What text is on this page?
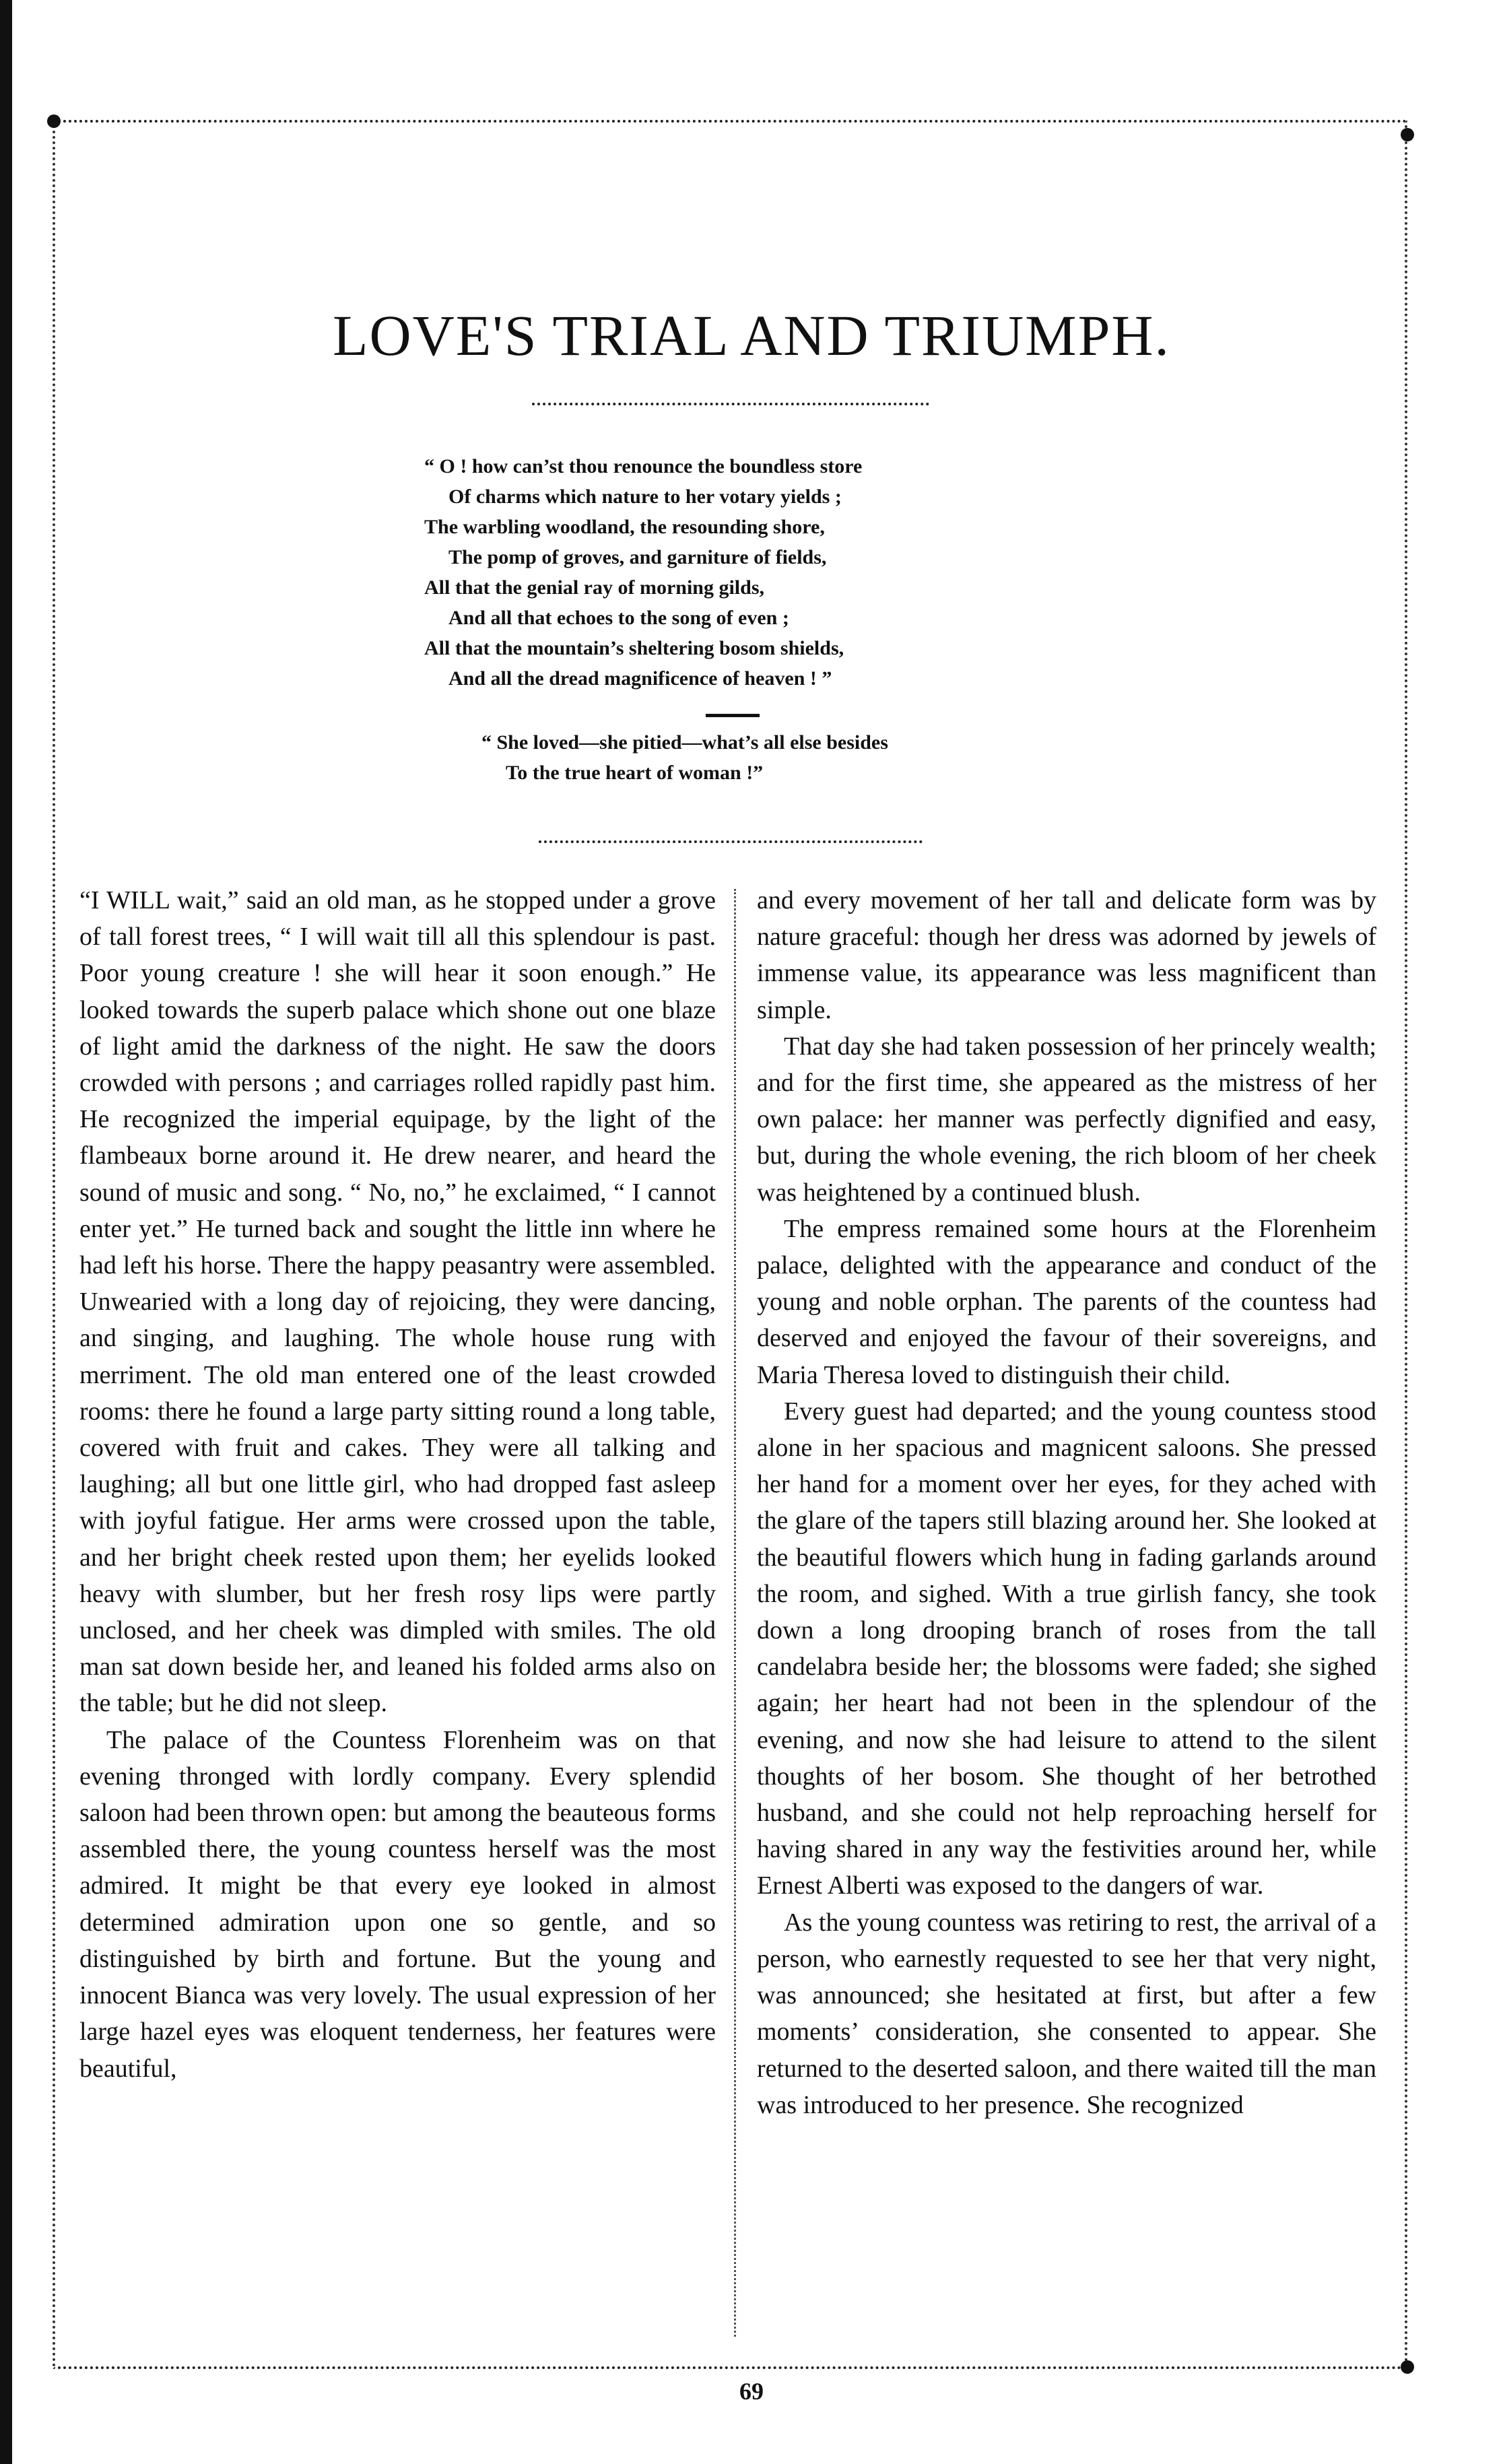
LOVE'S TRIAL AND TRIUMPH.
“ O ! how can’st thou renounce the boundless store
Of charms which nature to her votary yields ;
The warbling woodland, the resounding shore,
The pomp of groves, and garniture of fields,
All that the genial ray of morning gilds,
And all that echoes to the song of even ;
All that the mountain’s sheltering bosom shields,
And all the dread magnificence of heaven ! ”
“ She loved—she pitied—what’s all else besides
To the true heart of woman !”

“I WILL wait,” said an old man, as he stopped under a grove of tall forest trees, “ I will wait till all this splendour is past. Poor young creature ! she will hear it soon enough.” He looked towards the superb palace which shone out one blaze of light amid the darkness of the night. He saw the doors crowded with persons ; and carriages rolled rapidly past him. He recognized the imperial equipage, by the light of the flambeaux borne around it. He drew nearer, and heard the sound of music and song. “ No, no,” he exclaimed, “ I cannot enter yet.” He turned back and sought the little inn where he had left his horse. There the happy peasantry were assembled. Unwearied with a long day of rejoicing, they were dancing, and singing, and laughing. The whole house rung with merriment. The old man entered one of the least crowded rooms: there he found a large party sitting round a long table, covered with fruit and cakes. They were all talking and laughing; all but one little girl, who had dropped fast asleep with joyful fatigue. Her arms were crossed upon the table, and her bright cheek rested upon them; her eyelids looked heavy with slumber, but her fresh rosy lips were partly unclosed, and her cheek was dimpled with smiles. The old man sat down beside her, and leaned his folded arms also on the table; but he did not sleep.

The palace of the Countess Florenheim was on that evening thronged with lordly company. Every splendid saloon had been thrown open: but among the beauteous forms assembled there, the young countess herself was the most admired. It might be that every eye looked in almost determined admiration upon one so gentle, and so distinguished by birth and fortune. But the young and innocent Bianca was very lovely. The usual expression of her large hazel eyes was eloquent tenderness, her features were beautiful,

and every movement of her tall and delicate form was by nature graceful: though her dress was adorned by jewels of immense value, its appearance was less magnificent than simple.

That day she had taken possession of her princely wealth; and for the first time, she appeared as the mistress of her own palace: her manner was perfectly dignified and easy, but, during the whole evening, the rich bloom of her cheek was heightened by a continued blush.

The empress remained some hours at the Florenheim palace, delighted with the appearance and conduct of the young and noble orphan. The parents of the countess had deserved and enjoyed the favour of their sovereigns, and Maria Theresa loved to distinguish their child.

Every guest had departed; and the young countess stood alone in her spacious and magnicent saloons. She pressed her hand for a moment over her eyes, for they ached with the glare of the tapers still blazing around her. She looked at the beautiful flowers which hung in fading garlands around the room, and sighed. With a true girlish fancy, she took down a long drooping branch of roses from the tall candelabra beside her; the blossoms were faded; she sighed again; her heart had not been in the splendour of the evening, and now she had leisure to attend to the silent thoughts of her bosom. She thought of her betrothed husband, and she could not help reproaching herself for having shared in any way the festivities around her, while Ernest Alberti was exposed to the dangers of war.

As the young countess was retiring to rest, the arrival of a person, who earnestly requested to see her that very night, was announced; she hesitated at first, but after a few moments’ consideration, she consented to appear. She returned to the deserted saloon, and there waited till the man was introduced to her presence. She recognized

69
